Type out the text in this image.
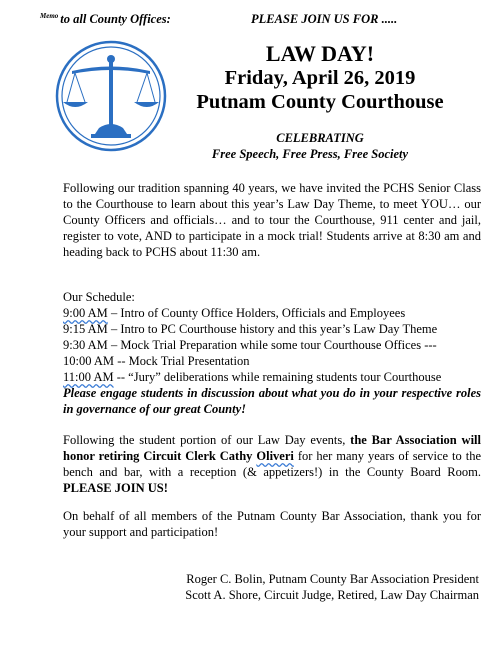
$^{Memo}$ to all County Offices:	PLEASE JOIN US FOR .....
LAW DAY!
Friday, April 26, 2019
Putnam County Courthouse
CELEBRATING
Free Speech, Free Press, Free Society
Following our tradition spanning 40 years, we have invited the PCHS Senior Class to the Courthouse to learn about this year’s Law Day Theme, to meet YOU… our County Officers and officials… and to tour the Courthouse, 911 center and jail, register to vote, AND to participate in a mock trial! Students arrive at 8:30 am and heading back to PCHS about 11:30 am.
Our Schedule:
9:00 AM – Intro of County Office Holders, Officials and Employees
9:15 AM – Intro to PC Courthouse history and this year’s Law Day Theme
9:30 AM – Mock Trial Preparation while some tour Courthouse Offices ---
10:00 AM -- Mock Trial Presentation
11:00 AM -- “Jury” deliberations while remaining students tour Courthouse
Please engage students in discussion about what you do in your respective roles in governance of our great County!
Following the student portion of our Law Day events, the Bar Association will honor retiring Circuit Clerk Cathy Oliveri for her many years of service to the bench and bar, with a reception (& appetizers!) in the County Board Room. PLEASE JOIN US!
On behalf of all members of the Putnam County Bar Association, thank you for your support and participation!
Roger C. Bolin, Putnam County Bar Association President
Scott A. Shore, Circuit Judge, Retired, Law Day Chairman
